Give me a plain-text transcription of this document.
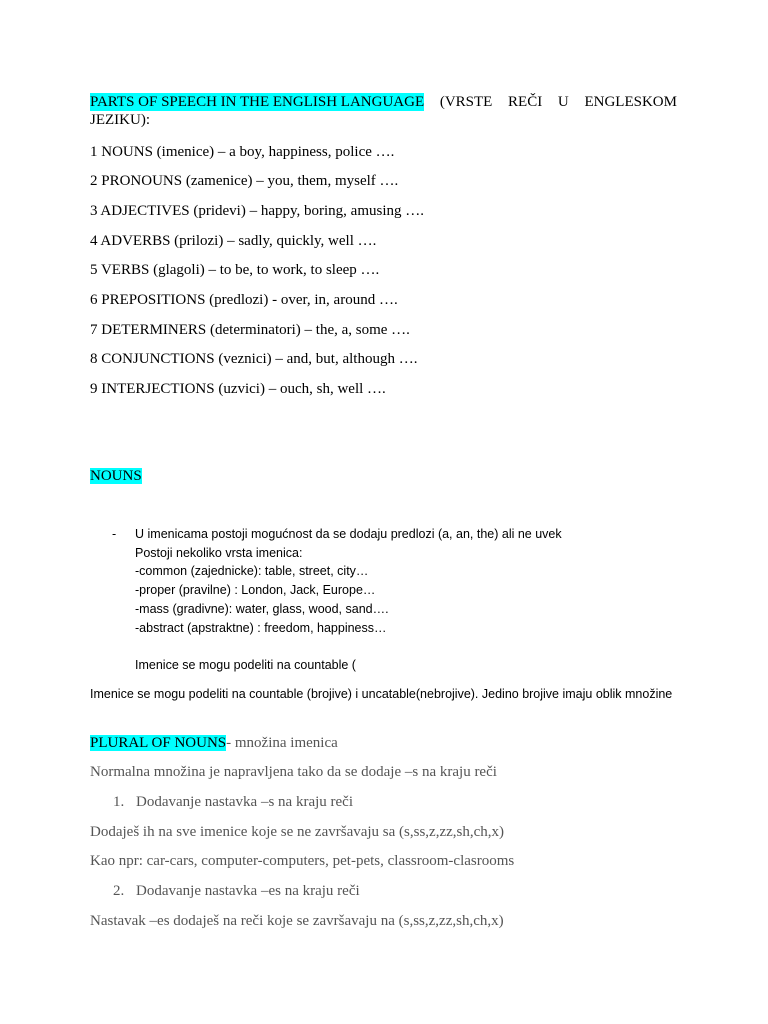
PARTS OF SPEECH IN THE ENGLISH LANGUAGE (VRSTE REČI U ENGLESKOM
JEZIKU):
1 NOUNS (imenice) – a boy, happiness, police ….
2 PRONOUNS (zamenice) – you, them, myself ….
3 ADJECTIVES (pridevi) – happy, boring, amusing ….
4 ADVERBS (prilozi) – sadly, quickly, well ….
5 VERBS (glagoli) – to be, to work, to sleep ….
6 PREPOSITIONS (predlozi) - over, in, around ….
7 DETERMINERS (determinatori) – the, a, some ….
8 CONJUNCTIONS (veznici) – and, but, although ….
9 INTERJECTIONS (uzvici) – ouch, sh, well ….
NOUNS
- U imenicama postoji mogućnost da se dodaju predlozi (a, an, the) ali ne uvek
Postoji nekoliko vrsta imenica:
-common (zajednicke): table, street, city…
-proper (pravilne) : London, Jack, Europe…
-mass (gradivne): water, glass, wood, sand….
-abstract (apstraktne) : freedom, happiness…
Imenice se mogu podeliti na countable (
Imenice se mogu podeliti na countable (brojive) i uncatable(nebrojive). Jedino brojive imaju oblik množine
PLURAL OF NOUNS- množina imenica
Normalna množina je napravljena tako da se dodaje –s na kraju reči
1. Dodavanje nastavka –s na kraju reči
Dodaješ ih na sve imenice koje se ne završavaju sa (s,ss,z,zz,sh,ch,x)
Kao npr: car-cars, computer-computers, pet-pets, classroom-clasrooms
2. Dodavanje nastavka –es na kraju reči
Nastavak –es dodaješ na reči koje se završavaju na (s,ss,z,zz,sh,ch,x)
